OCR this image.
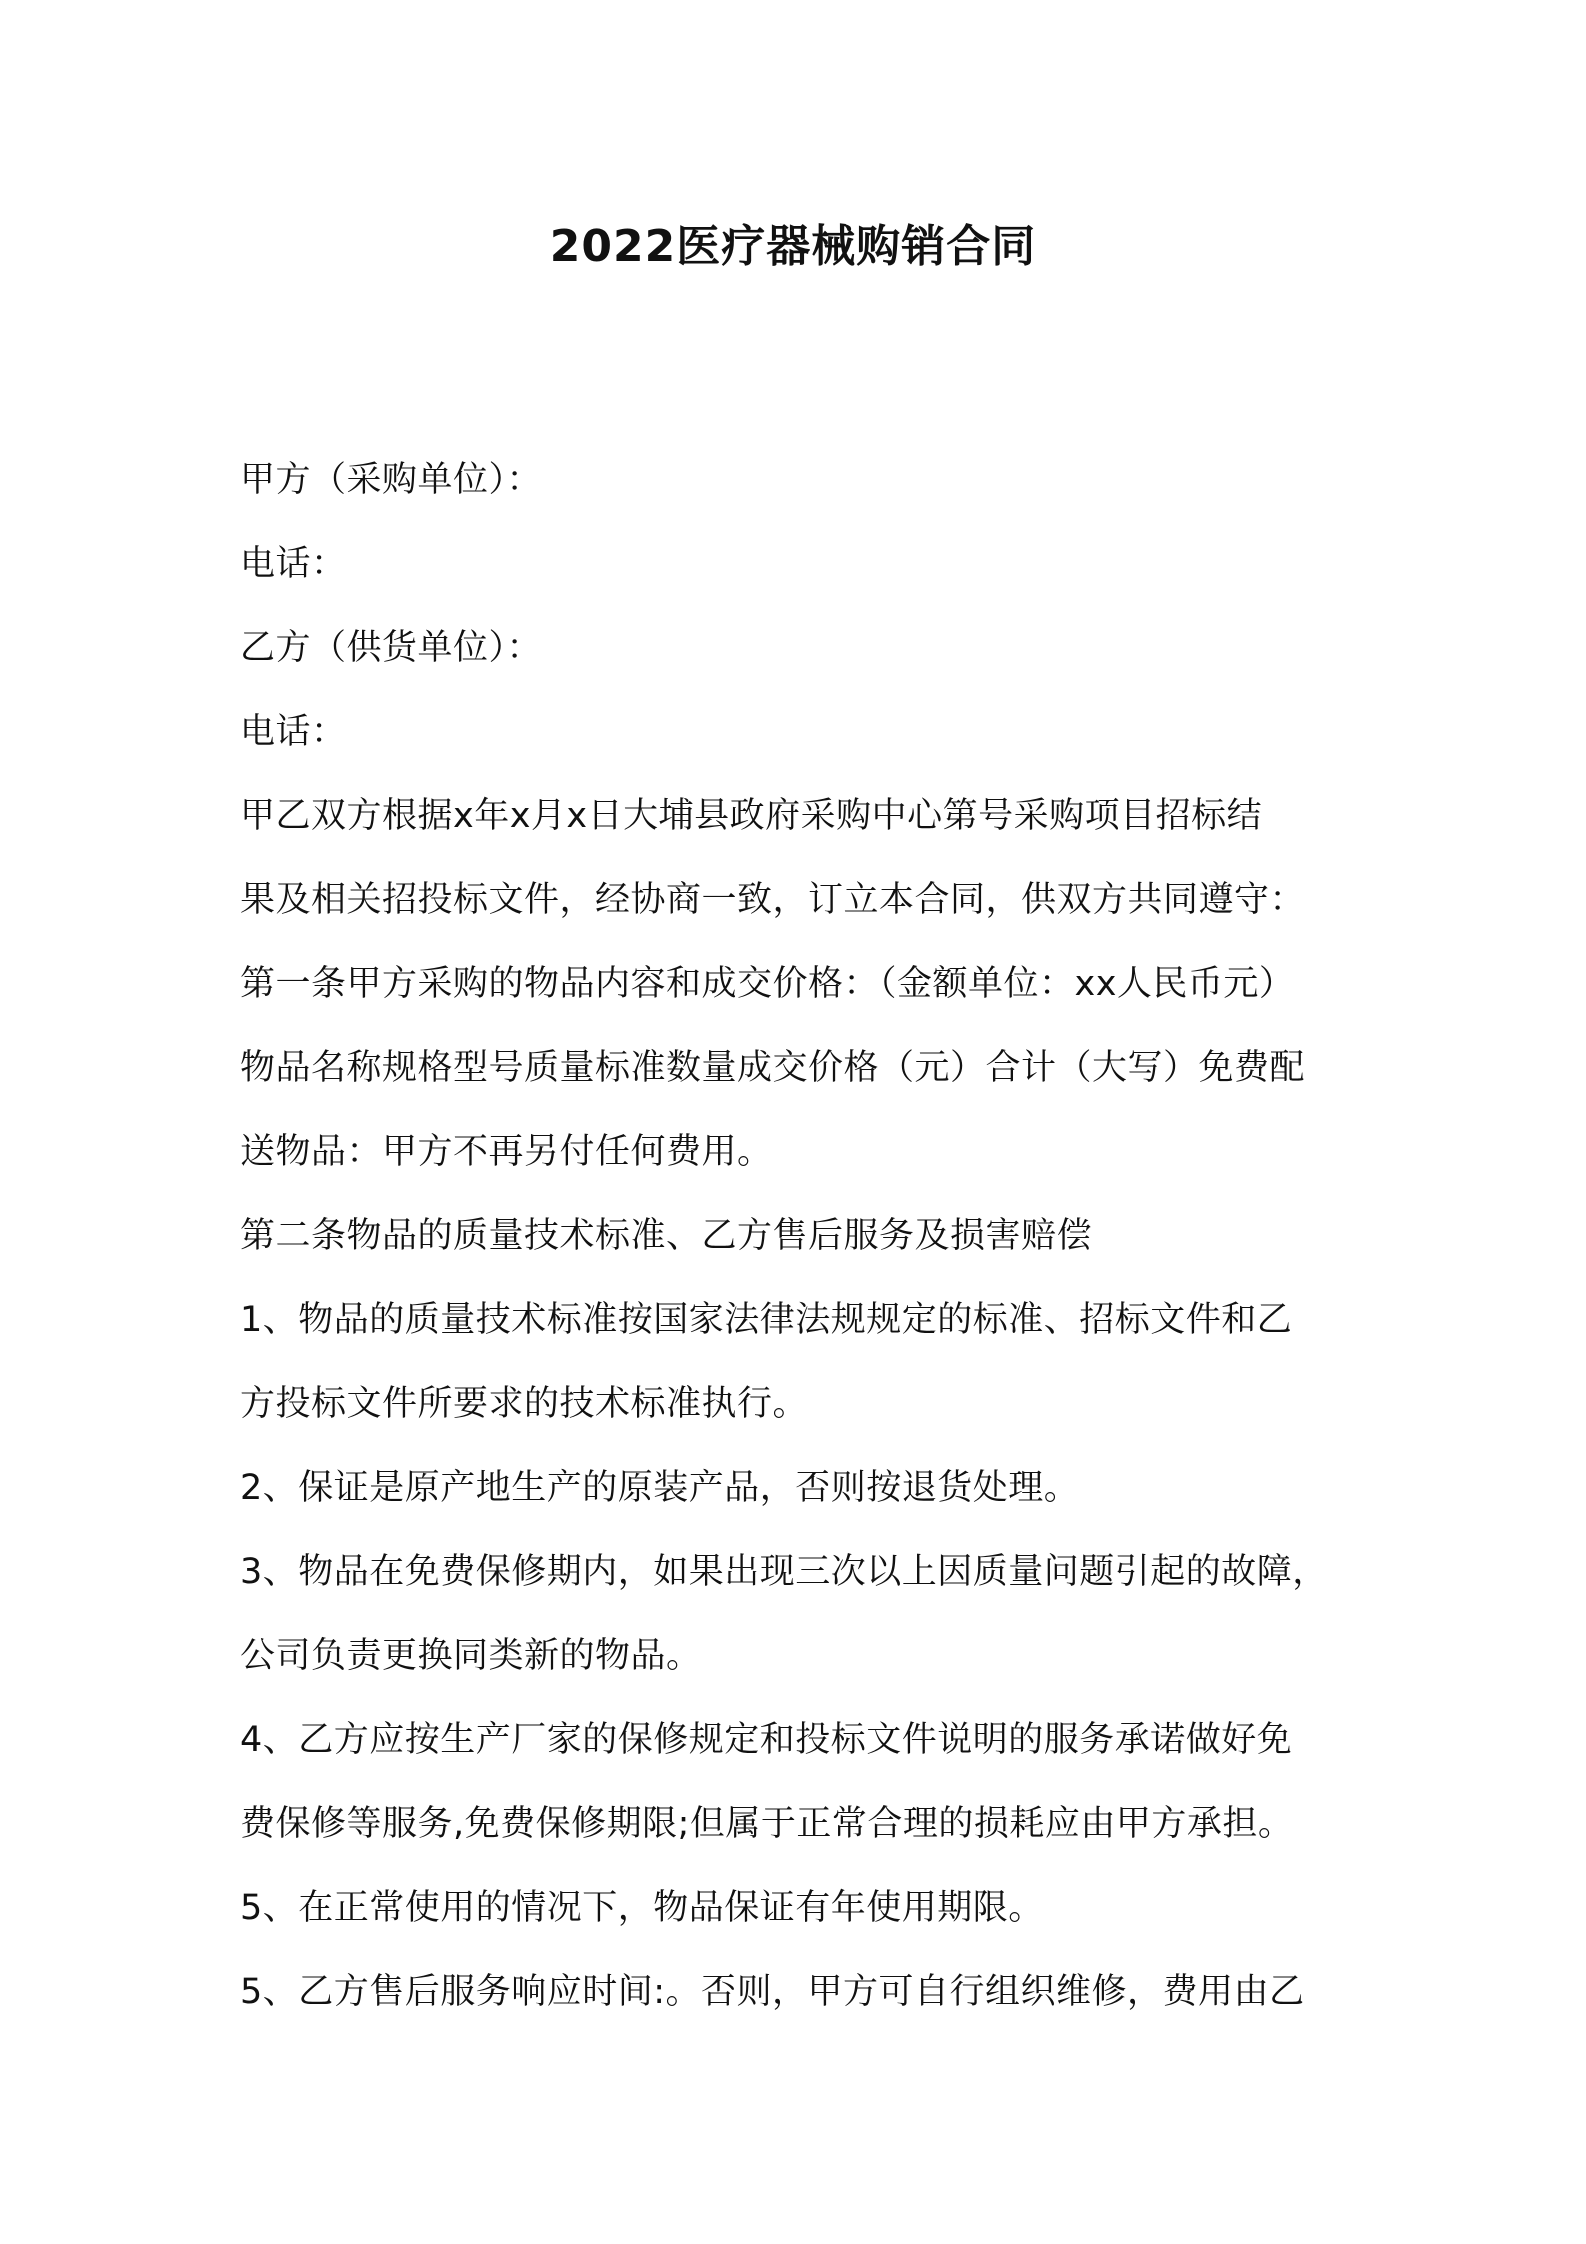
2022医疗器械购销合同

甲方（采购单位）：

电话：

乙方（供货单位）：

电话：

甲乙双方根据x年x月x日大埔县政府采购中心第号采购项目招标结

果及相关招投标文件，经协商一致，订立本合同，供双方共同遵守：

第一条甲方采购的物品内容和成交价格：（金额单位：xx人民币元）

物品名称规格型号质量标准数量成交价格（元）合计（大写）免费配

送物品：甲方不再另付任何费用。

第二条物品的质量技术标准、乙方售后服务及损害赔偿

1、物品的质量技术标准按国家法律法规规定的标准、招标文件和乙

方投标文件所要求的技术标准执行。

2、保证是原产地生产的原装产品，否则按退货处理。

3、物品在免费保修期内，如果出现三次以上因质量问题引起的故障，

公司负责更换同类新的物品。

4、乙方应按生产厂家的保修规定和投标文件说明的服务承诺做好免

费保修等服务,免费保修期限;但属于正常合理的损耗应由甲方承担。

5、在正常使用的情况下，物品保证有年使用期限。

5、乙方售后服务响应时间:。否则，甲方可自行组织维修，费用由乙
